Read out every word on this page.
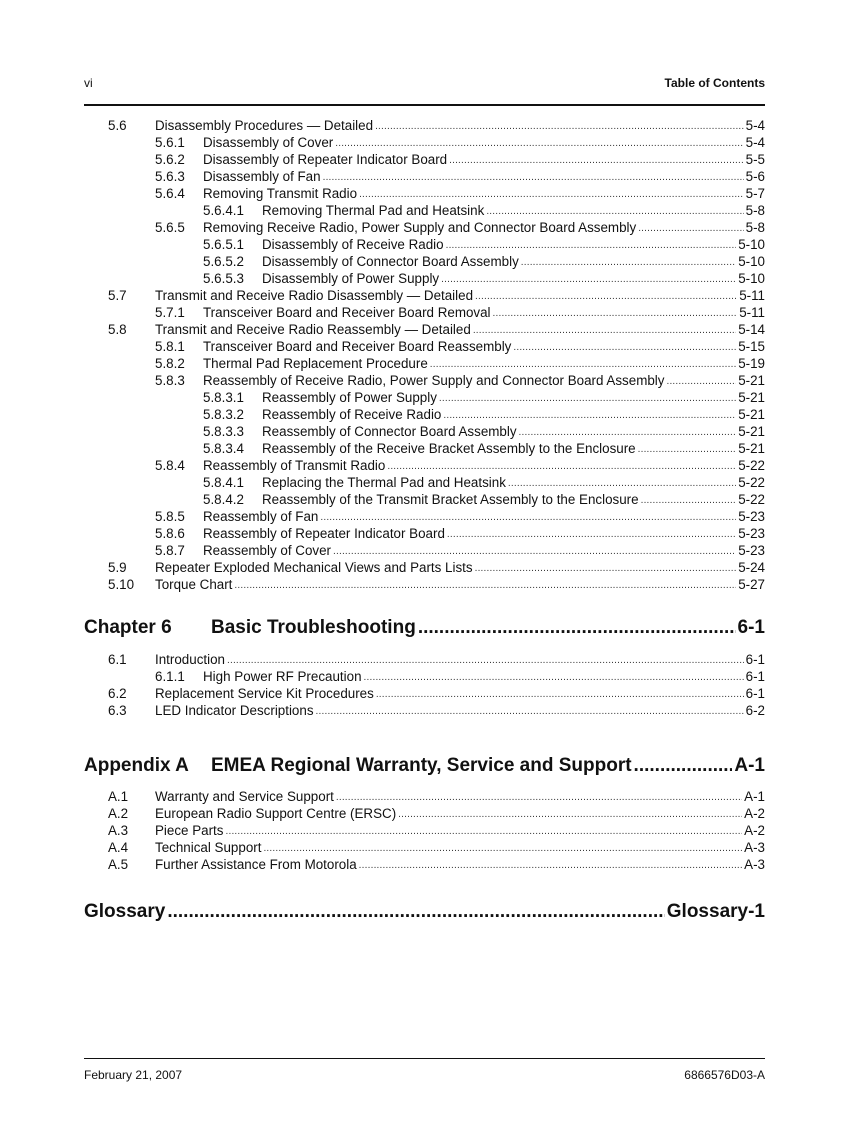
vi	Table of Contents
5.6	Disassembly Procedures — Detailed .....	5-4
5.6.1	Disassembly of Cover .....	5-4
5.6.2	Disassembly of Repeater Indicator Board .....	5-5
5.6.3	Disassembly of Fan .....	5-6
5.6.4	Removing Transmit Radio .....	5-7
5.6.4.1	Removing Thermal Pad and Heatsink .....	5-8
5.6.5	Removing Receive Radio, Power Supply and Connector Board Assembly .....	5-8
5.6.5.1	Disassembly of Receive Radio .....	5-10
5.6.5.2	Disassembly of Connector Board Assembly .....	5-10
5.6.5.3	Disassembly of Power Supply .....	5-10
5.7	Transmit and Receive Radio Disassembly — Detailed .....	5-11
5.7.1	Transceiver Board and Receiver Board Removal .....	5-11
5.8	Transmit and Receive Radio Reassembly — Detailed .....	5-14
5.8.1	Transceiver Board and Receiver Board Reassembly .....	5-15
5.8.2	Thermal Pad Replacement Procedure .....	5-19
5.8.3	Reassembly of Receive Radio, Power Supply and Connector Board Assembly .....	5-21
5.8.3.1	Reassembly of Power Supply .....	5-21
5.8.3.2	Reassembly of Receive Radio .....	5-21
5.8.3.3	Reassembly of Connector Board Assembly .....	5-21
5.8.3.4	Reassembly of the Receive Bracket Assembly to the Enclosure .....	5-21
5.8.4	Reassembly of Transmit Radio .....	5-22
5.8.4.1	Replacing the Thermal Pad and Heatsink .....	5-22
5.8.4.2	Reassembly of the Transmit Bracket Assembly to the Enclosure .....	5-22
5.8.5	Reassembly of Fan .....	5-23
5.8.6	Reassembly of Repeater Indicator Board .....	5-23
5.8.7	Reassembly of Cover .....	5-23
5.9	Repeater Exploded Mechanical Views and Parts Lists .....	5-24
5.10	Torque Chart .....	5-27
Chapter 6	Basic Troubleshooting .....	6-1
6.1	Introduction .....	6-1
6.1.1	High Power RF Precaution .....	6-1
6.2	Replacement Service Kit Procedures .....	6-1
6.3	LED Indicator Descriptions .....	6-2
Appendix A	EMEA Regional Warranty, Service and Support .....	A-1
A.1	Warranty and Service Support .....	A-1
A.2	European Radio Support Centre (ERSC) .....	A-2
A.3	Piece Parts .....	A-2
A.4	Technical Support .....	A-3
A.5	Further Assistance From Motorola .....	A-3
Glossary .....	Glossary-1
February 21, 2007	6866576D03-A
